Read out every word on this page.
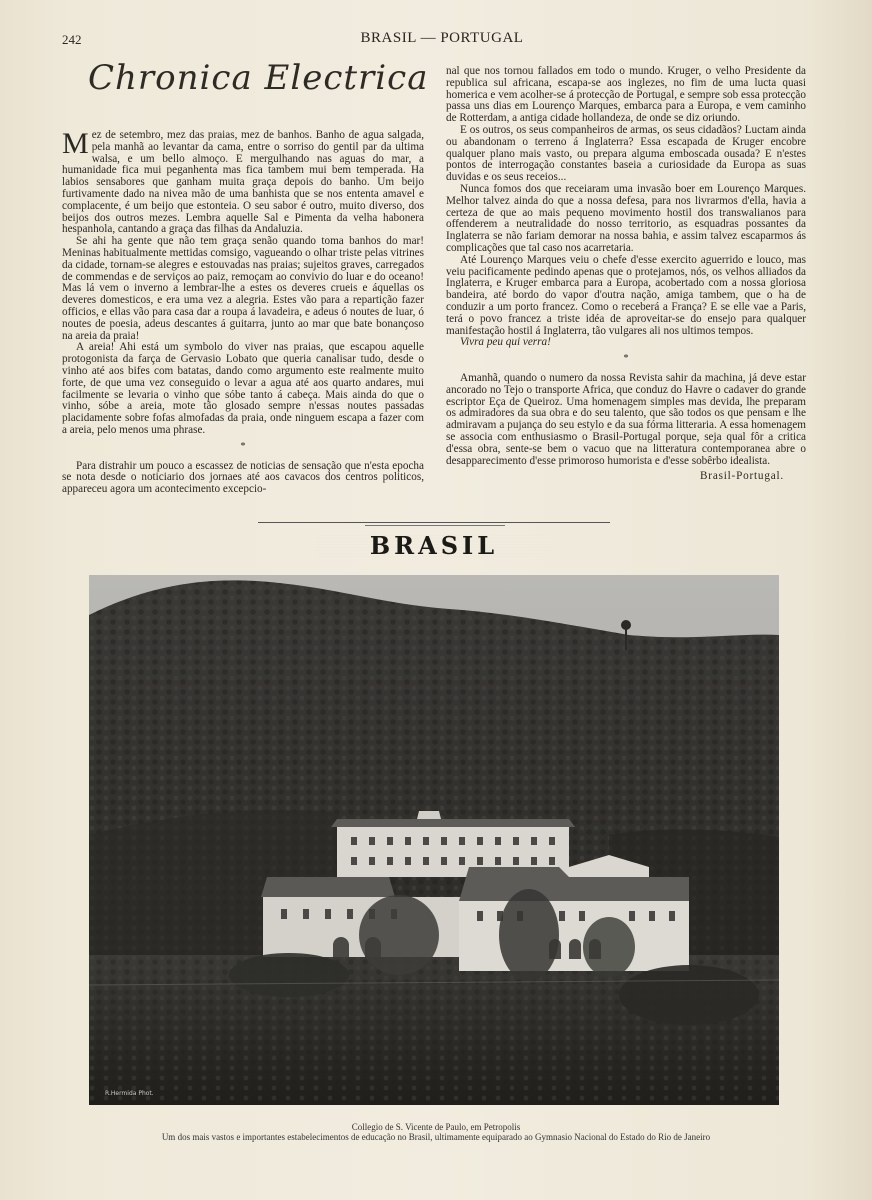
242	BRASIL — PORTUGAL
Chronica Electrica

Mez de setembro, mez das praias, mez de banhos. Banho de agua salgada, pela manhã ao levantar da cama, entre o sorriso do gentil par da ultima walsa, e um bello almoço. E mergulhando nas aguas do mar, a humanidade fica mui peganhenta mas fica tambem mui bem temperada. Ha labios sensabores que ganham muita graça depois do banho. Um beijo furtivamente dado na nivea mão de uma banhista que se nos ententa amavel e complacente, é um beijo que estonteia. O seu sabor é outro, muito diverso, dos beijos dos outros mezes. Lembra aquelle Sal e Pimenta da velha habonera hespanhola, cantando a graça das filhas da Andaluzia.

Se ahi ha gente que não tem graça senão quando toma banhos do mar! Meninas habitualmente mettidas comsigo, vagueando o olhar triste pelas vitrines da cidade, tornam-se alegres e estouvadas nas praias; sujeitos graves, carregados de commendas e de serviços ao paiz, remoçam ao convivio do luar e do oceano! Mas lá vem o inverno a lembrar-lhe a estes os deveres crueis e áquellas os deveres domesticos, e era uma vez a alegria. Estes vão para a repartição fazer officios, e ellas vão para casa dar a roupa á lavadeira, e adeus ó noutes de luar, ó noutes de poesia, adeus descantes á guitarra, junto ao mar que bate bonançoso na areia da praia!

A areia! Ahi está um symbolo do viver nas praias, que escapou aquelle protogonista da farça de Gervasio Lobato que queria canalisar tudo, desde o vinho até aos bifes com batatas, dando como argumento este realmente muito forte, de que uma vez conseguido o levar a agua até aos quarto andares, mui facilmente se levaria o vinho que sóbe tanto á cabeça. Mais ainda do que o vinho, sóbe a areia, mote tão glosado sempre n'essas noutes passadas placidamente sobre fofas almofadas da praia, onde ninguem escapa a fazer com a areia, pelo menos uma phrase.

*

Para distrahir um pouco a escassez de noticias de sensação que n'esta epocha se nota desde o noticiario dos jornaes até aos cavacos dos centros politicos, appareceu agora um acontecimento excepcio-

nal que nos tornou fallados em todo o mundo. Kruger, o velho Presidente da republica sul africana, escapa-se aos inglezes, no fim de uma lucta quasi homerica e vem acolher-se á protecção de Portugal, e sempre sob essa protecção passa uns dias em Lourenço Marques, embarca para a Europa, e vem caminho de Rotterdam, a antiga cidade hollandeza, de onde se diz oriundo.

E os outros, os seus companheiros de armas, os seus cidadãos? Luctam ainda ou abandonam o terreno á Inglaterra? Essa escapada de Kruger encobre qualquer plano mais vasto, ou prepara alguma emboscada ousada? E n'estes pontos de interrogação constantes baseia a curiosidade da Europa as suas duvidas e os seus receios...

Nunca fomos dos que receiaram uma invasão boer em Lourenço Marques. Melhor talvez ainda do que a nossa defesa, para nos livrarmos d'ella, havia a certeza de que ao mais pequeno movimento hostil dos transwalianos para offenderem a neutralidade do nosso territorio, as esquadras possantes da Inglaterra se não fariam demorar na nossa bahia, e assim talvez escaparmos ás complicações que tal caso nos acarretaria.

Até Lourenço Marques veiu o chefe d'esse exercito aguerrido e louco, mas veiu pacificamente pedindo apenas que o protejamos, nós, os velhos alliados da Inglaterra, e Kruger embarca para a Europa, acobertado com a nossa gloriosa bandeira, até bordo do vapor d'outra nação, amiga tambem, que o ha de conduzir a um porto francez. Como o receberá a França? E se elle vae a Paris, terá o povo francez a triste idéa de aproveitar-se do ensejo para qualquer manifestação hostil á Inglaterra, tão vulgares ali nos ultimos tempos.

Vivra peu qui verra!

*

Amanhã, quando o numero da nossa Revista sahir da machina, já deve estar ancorado no Tejo o transporte Africa, que conduz do Havre o cadaver do grande escriptor Eça de Queiroz. Uma homenagem simples mas devida, lhe preparam os admiradores da sua obra e do seu talento, que são todos os que pensam e lhe admiravam a pujança do seu estylo e da sua fórma litteraria. A essa homenagem se associa com enthusiasmo o Brasil-Portugal porque, seja qual fôr a critica d'essa obra, sente-se bem o vacuo que na litteratura contemporanea abre o desapparecimento d'esse primoroso humorista e d'esse sobêrbo idealista.

Brasil-Portugal.
BRASIL
R.Hermida Phot.
Collegio de S. Vicente de Paulo, em Petropolis
Um dos mais vastos e importantes estabelecimentos de educação no Brasil, ultimamente equiparado ao Gymnasio Nacional do Estado do Rio de Janeiro
